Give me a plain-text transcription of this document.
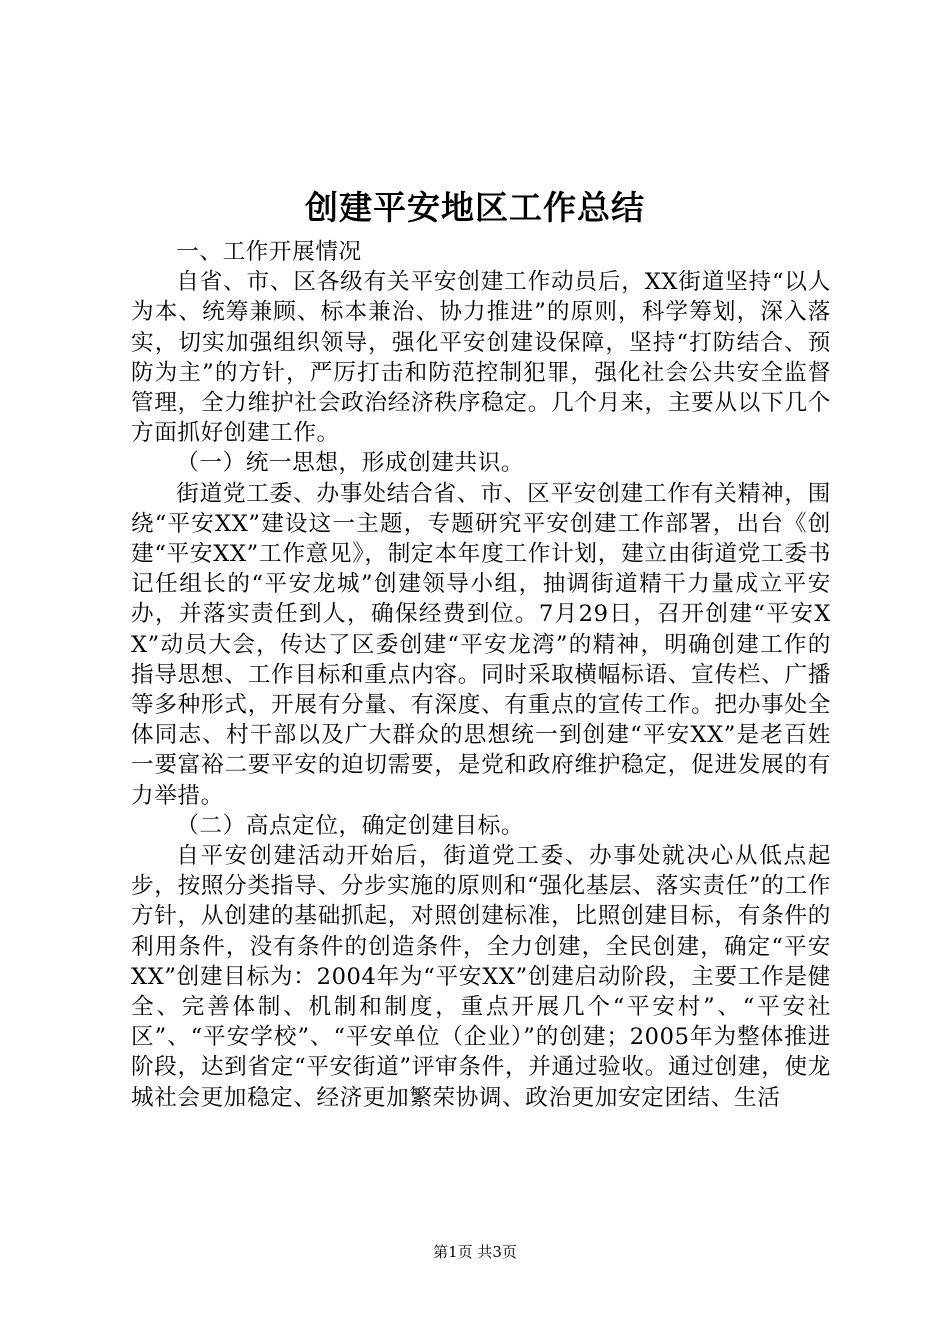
创建平安地区工作总结

一、工作开展情况

自省、市、区各级有关平安创建工作动员后，XX街道坚持“以人为本、统筹兼顾、标本兼治、协力推进”的原则，科学筹划，深入落实，切实加强组织领导，强化平安创建设保障，坚持“打防结合、预防为主”的方针，严厉打击和防范控制犯罪，强化社会公共安全监督管理，全力维护社会政治经济秩序稳定。几个月来，主要从以下几个方面抓好创建工作。

（一）统一思想，形成创建共识。

街道党工委、办事处结合省、市、区平安创建工作有关精神，围绕“平安XX”建设这一主题，专题研究平安创建工作部署，出台《创建“平安XX”工作意见》，制定本年度工作计划，建立由街道党工委书记任组长的“平安龙城”创建领导小组，抽调街道精干力量成立平安办，并落实责任到人，确保经费到位。7月29日，召开创建“平安XX”动员大会，传达了区委创建“平安龙湾”的精神，明确创建工作的指导思想、工作目标和重点内容。同时采取横幅标语、宣传栏、广播等多种形式，开展有分量、有深度、有重点的宣传工作。把办事处全体同志、村干部以及广大群众的思想统一到创建“平安XX”是老百姓一要富裕二要平安的迫切需要，是党和政府维护稳定，促进发展的有力举措。

（二）高点定位，确定创建目标。

自平安创建活动开始后，街道党工委、办事处就决心从低点起步，按照分类指导、分步实施的原则和“强化基层、落实责任”的工作方针，从创建的基础抓起，对照创建标准，比照创建目标，有条件的利用条件，没有条件的创造条件，全力创建，全民创建，确定“平安XX”创建目标为：2004年为“平安XX”创建启动阶段，主要工作是健全、完善体制、机制和制度，重点开展几个“平安村”、“平安社区”、“平安学校”、“平安单位（企业）”的创建；2005年为整体推进阶段，达到省定“平安街道”评审条件，并通过验收。通过创建，使龙城社会更加稳定、经济更加繁荣协调、政治更加安定团结、生活

第1页 共3页
